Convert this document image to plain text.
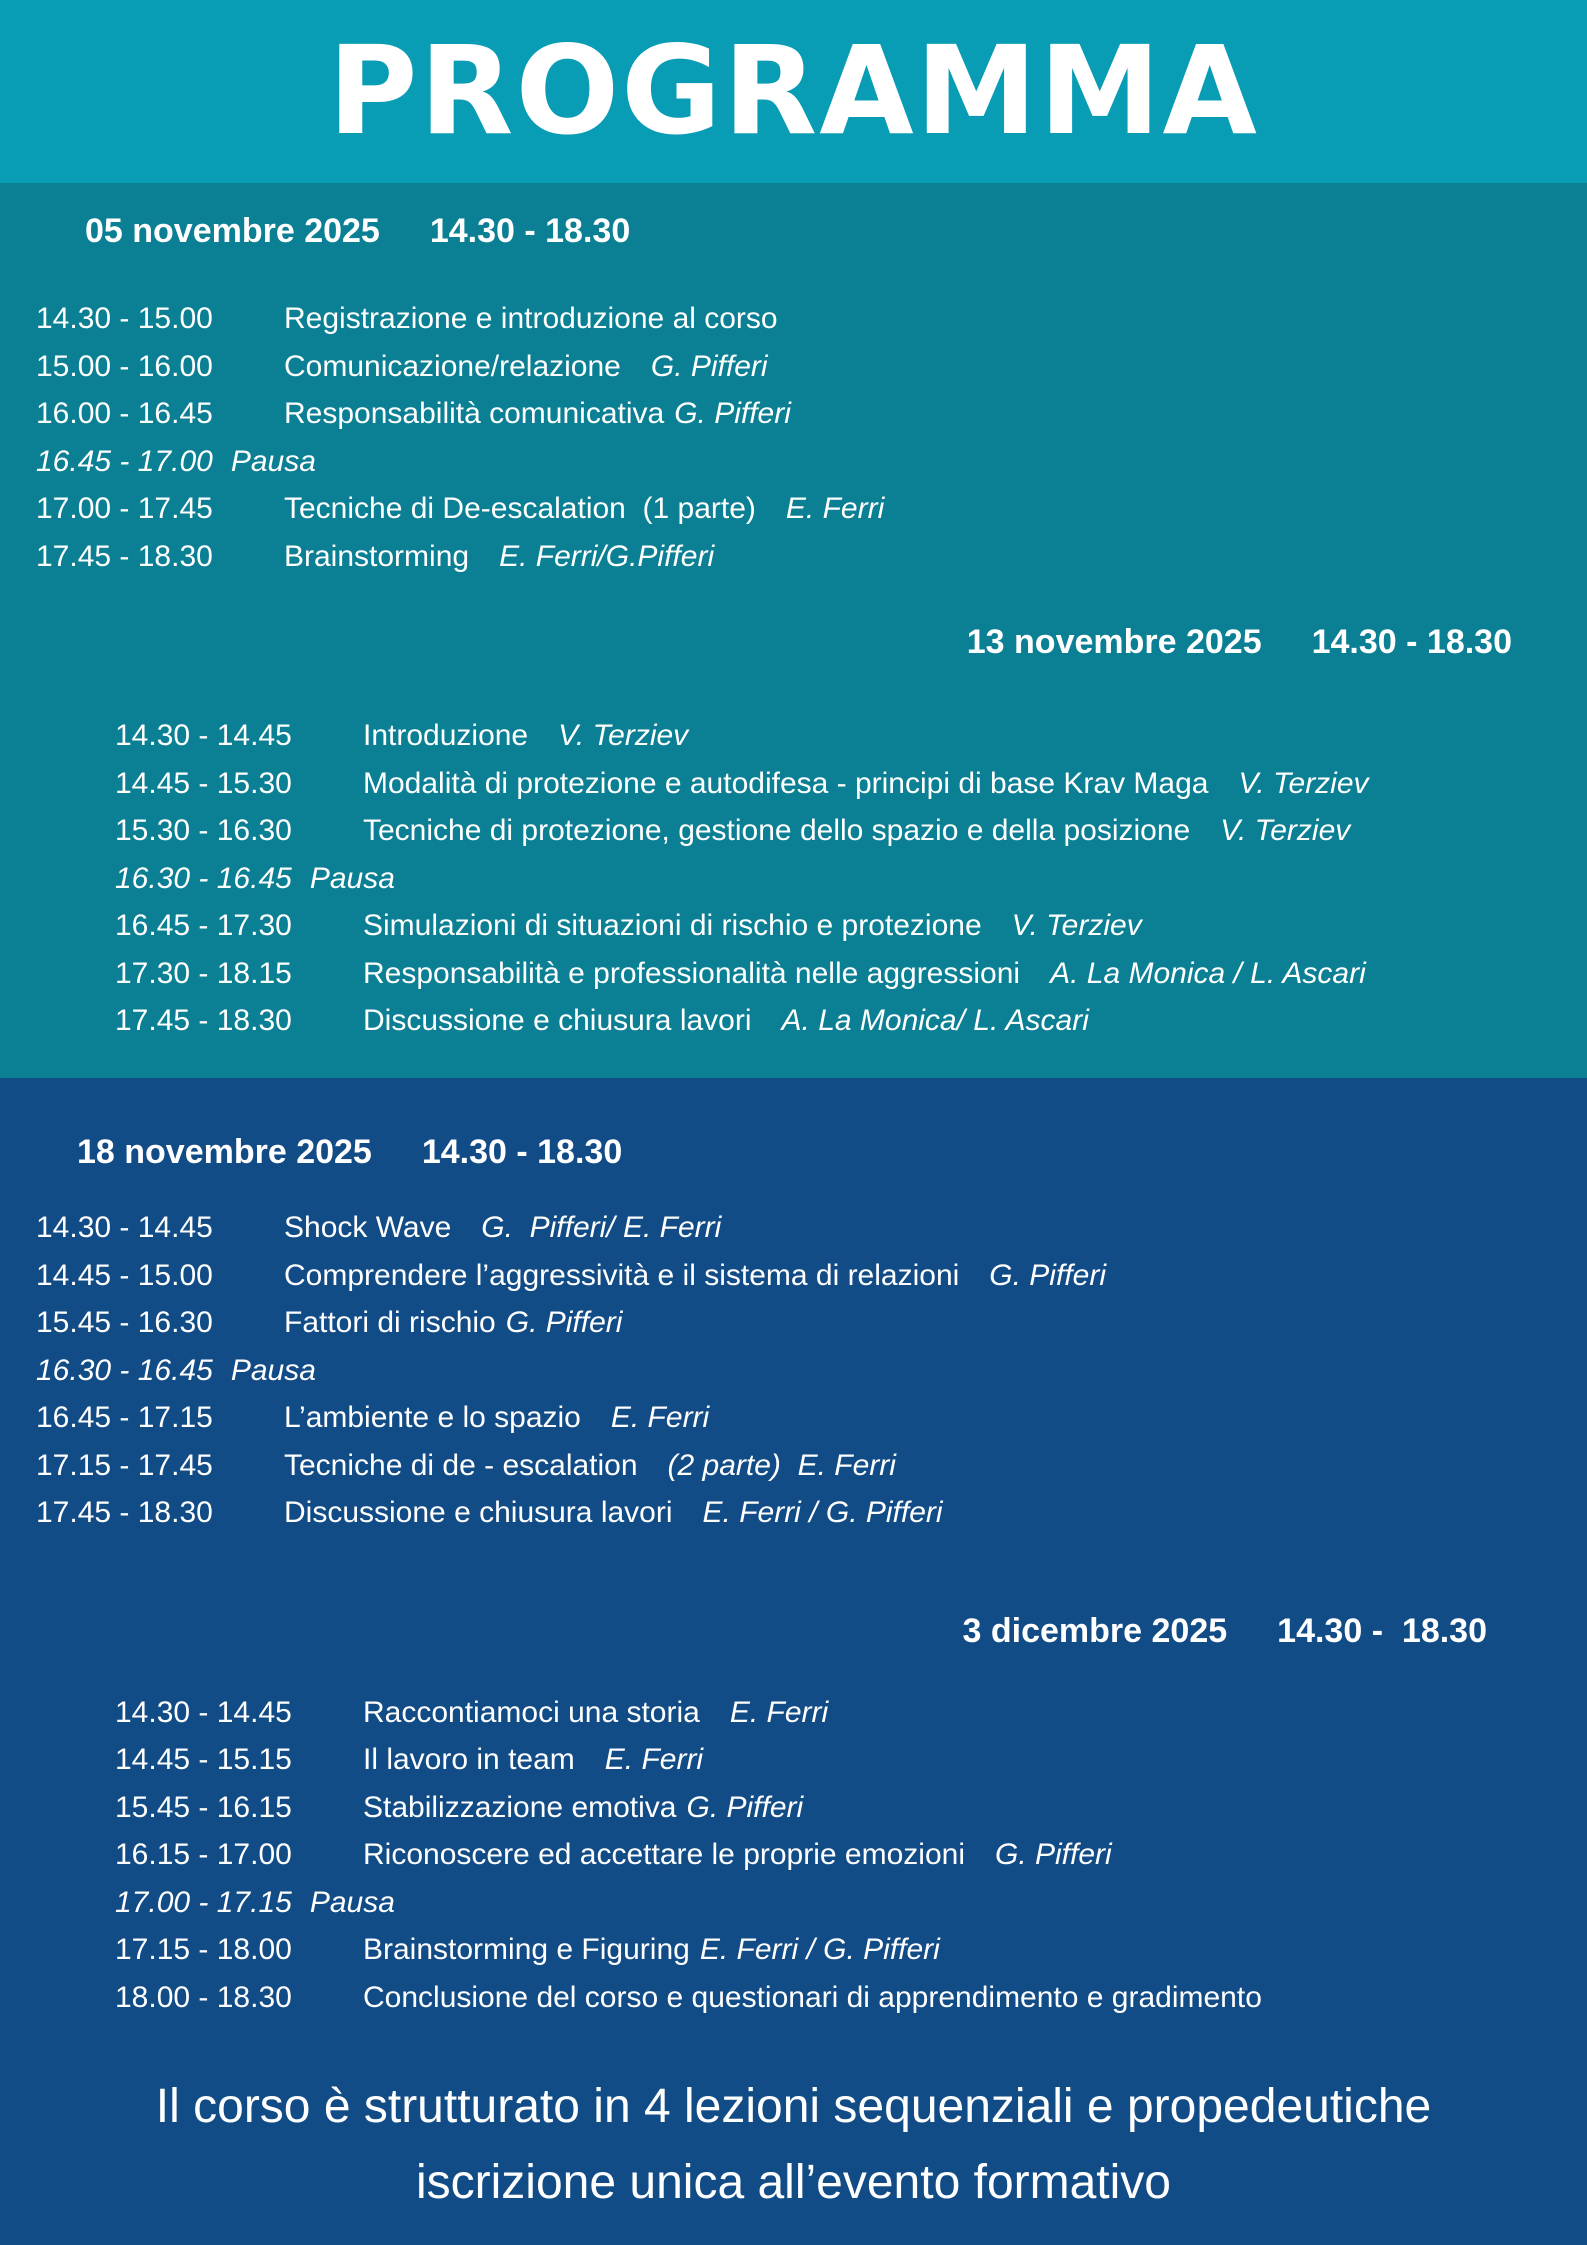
PROGRAMMA
05 novembre 2025 14.30 - 18.30
14.30 - 15.00	Registrazione e introduzione al corso
15.00 - 16.00	Comunicazione/relazione G. Pifferi
16.00 - 16.45	Responsabilità comunicativa G. Pifferi
16.45 - 17.00 Pausa
17.00 - 17.45	Tecniche di De-escalation  (1 parte) E. Ferri
17.45 - 18.30	Brainstorming E. Ferri/G.Pifferi
13 novembre 2025 14.30 - 18.30
14.30 - 14.45	Introduzione V. Terziev
14.45 - 15.30	Modalità di protezione e autodifesa - principi di base Krav Maga V. Terziev
15.30 - 16.30	Tecniche di protezione, gestione dello spazio e della posizione V. Terziev
16.30 - 16.45 Pausa
16.45 - 17.30	Simulazioni di situazioni di rischio e protezione V. Terziev
17.30 - 18.15	Responsabilità e professionalità nelle aggressioni A. La Monica / L. Ascari
17.45 - 18.30	Discussione e chiusura lavori A. La Monica/ L. Ascari
18 novembre 2025 14.30 - 18.30
14.30 - 14.45	Shock Wave G.  Pifferi/ E. Ferri
14.45 - 15.00	Comprendere l’aggressività e il sistema di relazioni G. Pifferi
15.45 - 16.30	Fattori di rischio G. Pifferi
16.30 - 16.45 Pausa
16.45 - 17.15	L’ambiente e lo spazio E. Ferri
17.15 - 17.45	Tecniche di de - escalation (2 parte)  E. Ferri
17.45 - 18.30	Discussione e chiusura lavori E. Ferri / G. Pifferi
3 dicembre 2025 14.30 -  18.30
14.30 - 14.45	Raccontiamoci una storia E. Ferri
14.45 - 15.15	Il lavoro in team E. Ferri
15.45 - 16.15	Stabilizzazione emotiva G. Pifferi
16.15 - 17.00	Riconoscere ed accettare le proprie emozioni G. Pifferi
17.00 - 17.15 Pausa
17.15 - 18.00	Brainstorming e Figuring E. Ferri / G. Pifferi
18.00 - 18.30	Conclusione del corso e questionari di apprendimento e gradimento
Il corso è strutturato in 4 lezioni sequenziali e propedeutiche
iscrizione unica all’evento formativo
